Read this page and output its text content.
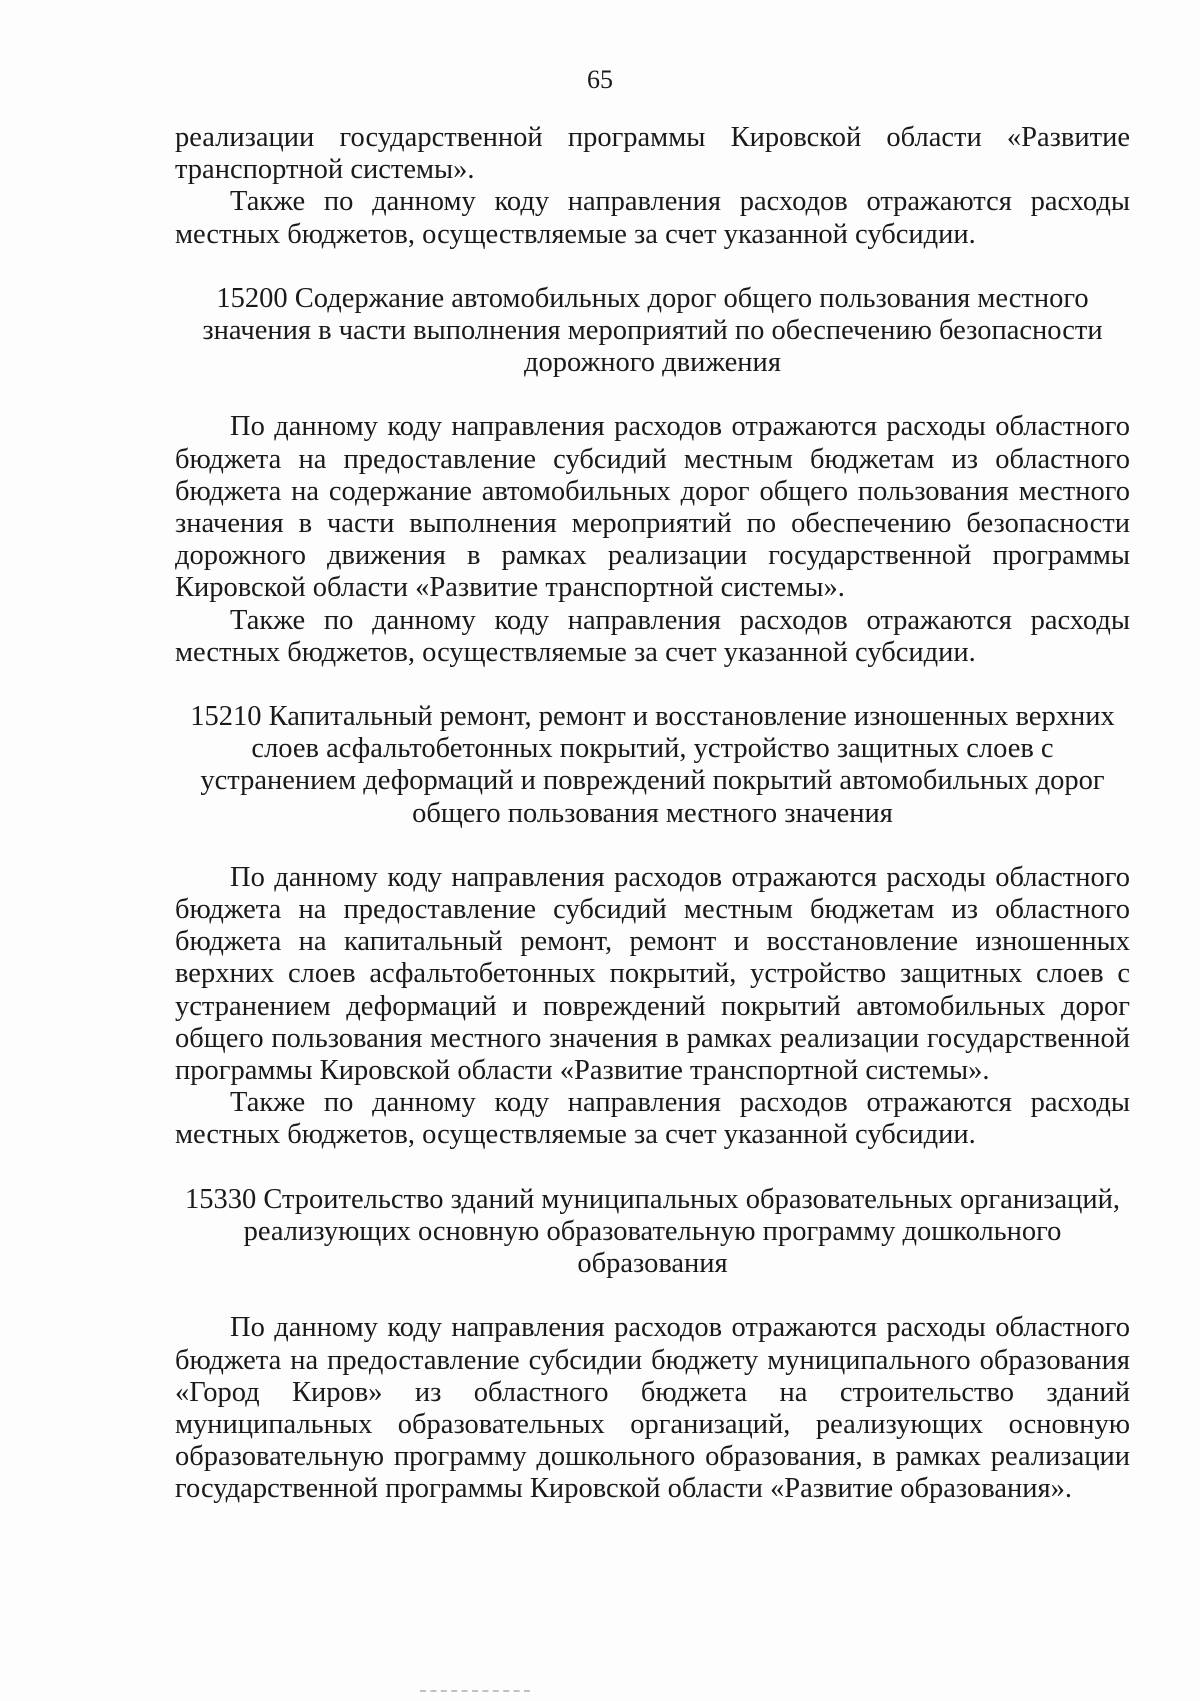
65

реализации государственной программы Кировской области «Развитие транспортной системы».

Также по данному коду направления расходов отражаются расходы местных бюджетов, осуществляемые за счет указанной субсидии.

15200 Содержание автомобильных дорог общего пользования местного значения в части выполнения мероприятий по обеспечению безопасности дорожного движения

По данному коду направления расходов отражаются расходы областного бюджета на предоставление субсидий местным бюджетам из областного бюджета на содержание автомобильных дорог общего пользования местного значения в части выполнения мероприятий по обеспечению безопасности дорожного движения в рамках реализации государственной программы Кировской области «Развитие транспортной системы».

Также по данному коду направления расходов отражаются расходы местных бюджетов, осуществляемые за счет указанной субсидии.

15210 Капитальный ремонт, ремонт и восстановление изношенных верхних слоев асфальтобетонных покрытий, устройство защитных слоев с устранением деформаций и повреждений покрытий автомобильных дорог общего пользования местного значения

По данному коду направления расходов отражаются расходы областного бюджета на предоставление субсидий местным бюджетам из областного бюджета на капитальный ремонт, ремонт и восстановление изношенных верхних слоев асфальтобетонных покрытий, устройство защитных слоев с устранением деформаций и повреждений покрытий автомобильных дорог общего пользования местного значения в рамках реализации государственной программы Кировской области «Развитие транспортной системы».

Также по данному коду направления расходов отражаются расходы местных бюджетов, осуществляемые за счет указанной субсидии.

15330 Строительство зданий муниципальных образовательных организаций, реализующих основную образовательную программу дошкольного образования

По данному коду направления расходов отражаются расходы областного бюджета на предоставление субсидии бюджету муниципального образования «Город Киров» из областного бюджета на строительство зданий муниципальных образовательных организаций, реализующих основную образовательную программу дошкольного образования, в рамках реализации государственной программы Кировской области «Развитие образования».
